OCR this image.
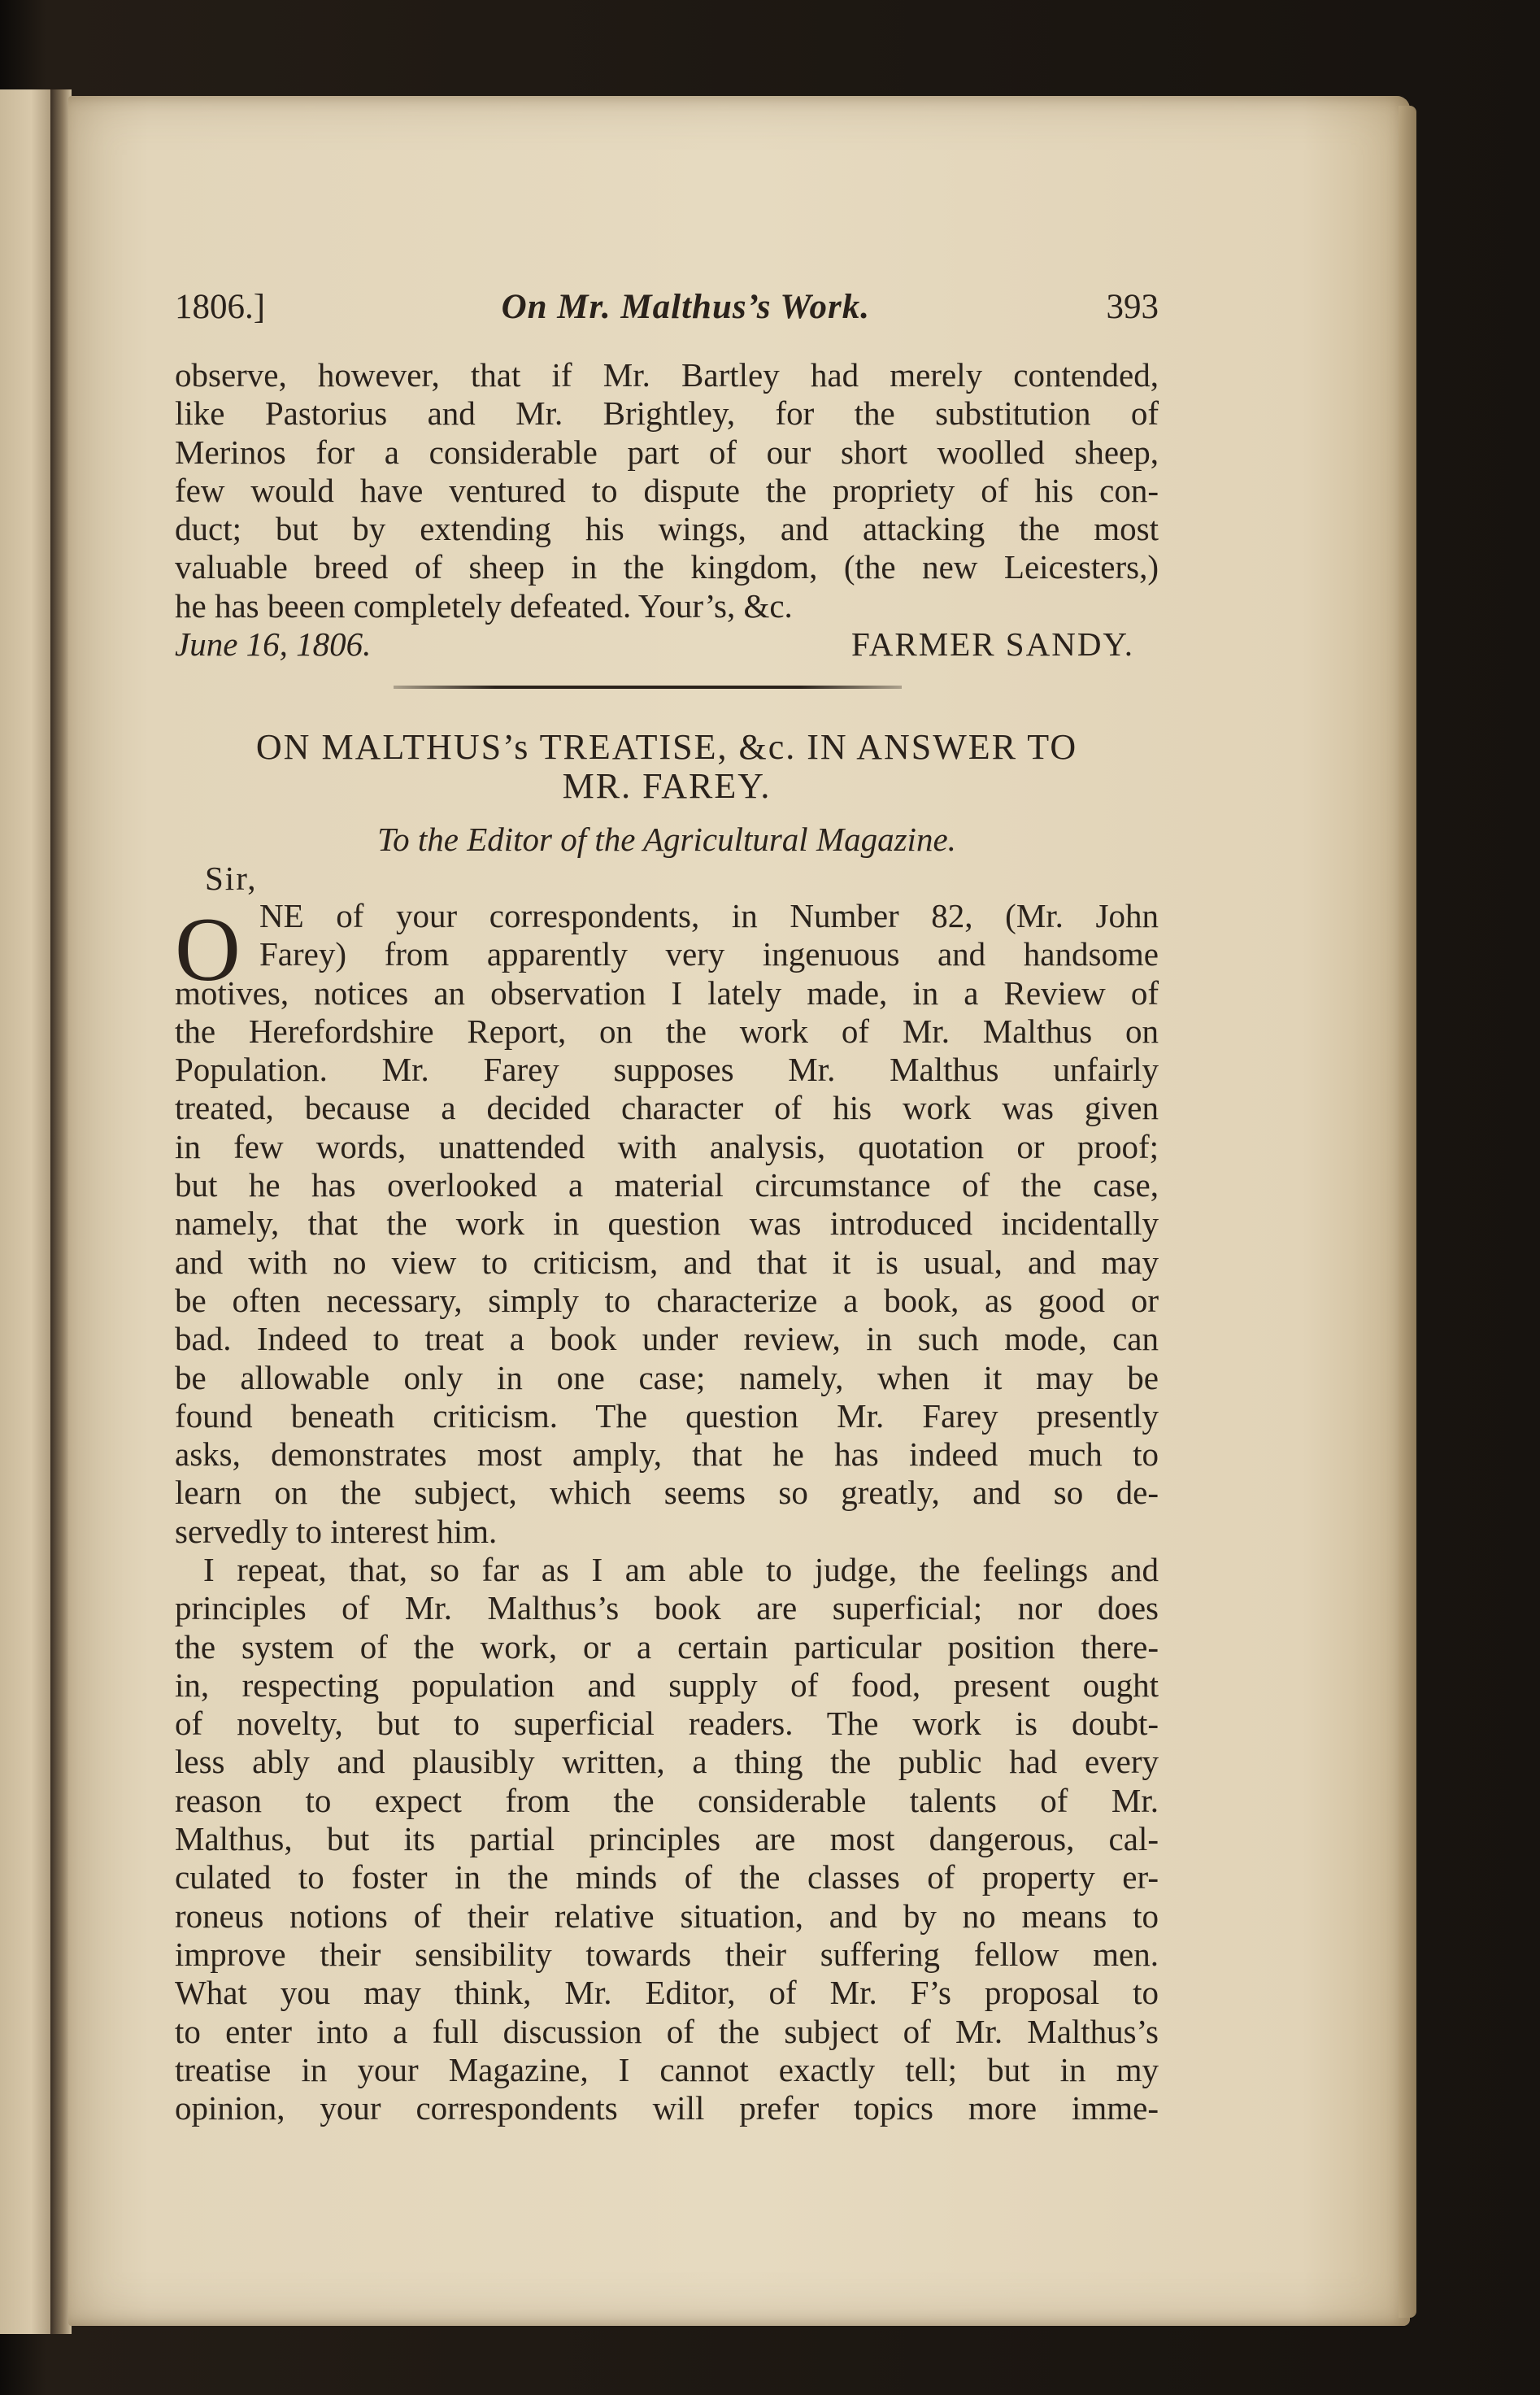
1806.]	On Mr. Malthus’s Work.	393
observe, however, that if Mr. Bartley had merely contended,
like Pastorius and Mr. Brightley, for the substitution of
Merinos for a considerable part of our short woolled sheep,
few would have ventured to dispute the propriety of his con-
duct; but by extending his wings, and attacking the most
valuable breed of sheep in the kingdom, (the new Leicesters,)
he has beeen completely defeated. Your’s, &c.
June 16, 1806.	FARMER SANDY.
ON MALTHUS’s TREATISE, &c. IN ANSWER TO
MR. FAREY.
To the Editor of the Agricultural Magazine.
Sir,
O NE of your correspondents, in Number 82, (Mr. John
Farey) from apparently very ingenuous and handsome
motives, notices an observation I lately made, in a Review of
the Herefordshire Report, on the work of Mr. Malthus on
Population. Mr. Farey supposes Mr. Malthus unfairly
treated, because a decided character of his work was given
in few words, unattended with analysis, quotation or proof;
but he has overlooked a material circumstance of the case,
namely, that the work in question was introduced incidentally
and with no view to criticism, and that it is usual, and may
be often necessary, simply to characterize a book, as good or
bad. Indeed to treat a book under review, in such mode, can
be allowable only in one case; namely, when it may be
found beneath criticism. The question Mr. Farey presently
asks, demonstrates most amply, that he has indeed much to
learn on the subject, which seems so greatly, and so de-
servedly to interest him.
I repeat, that, so far as I am able to judge, the feelings and
principles of Mr. Malthus’s book are superficial; nor does
the system of the work, or a certain particular position there-
in, respecting population and supply of food, present ought
of novelty, but to superficial readers. The work is doubt-
less ably and plausibly written, a thing the public had every
reason to expect from the considerable talents of Mr.
Malthus, but its partial principles are most dangerous, cal-
culated to foster in the minds of the classes of property er-
roneus notions of their relative situation, and by no means to
improve their sensibility towards their suffering fellow men.
What you may think, Mr. Editor, of Mr. F’s proposal to
to enter into a full discussion of the subject of Mr. Malthus’s
treatise in your Magazine, I cannot exactly tell; but in my
opinion, your correspondents will prefer topics more imme-
